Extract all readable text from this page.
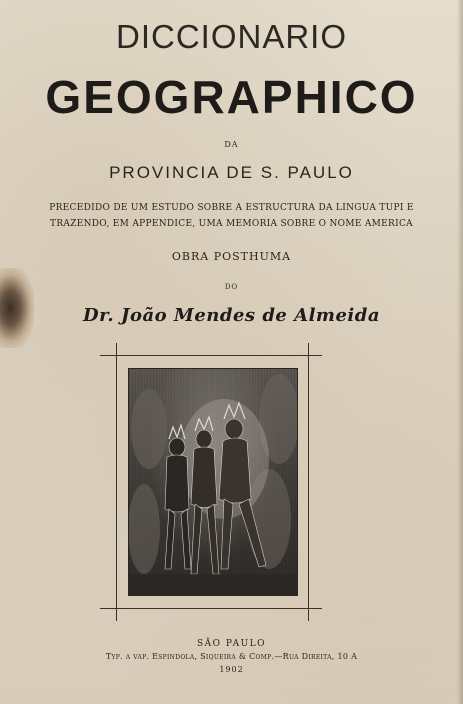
DICCIONARIO
GEOGRAPHICO
DA
PROVINCIA DE S. PAULO
PRECEDIDO DE UM ESTUDO SOBRE A ESTRUCTURA DA LINGUA TUPI E
TRAZENDO, EM APPENDICE, UMA MEMORIA SOBRE O NOME AMERICA
OBRA POSTHUMA
DO
Dr. João Mendes de Almeida
SÃO PAULO
Typ. a vap. Espindola, Siqueira & Comp.—Rua Direita, 10 A
1902
